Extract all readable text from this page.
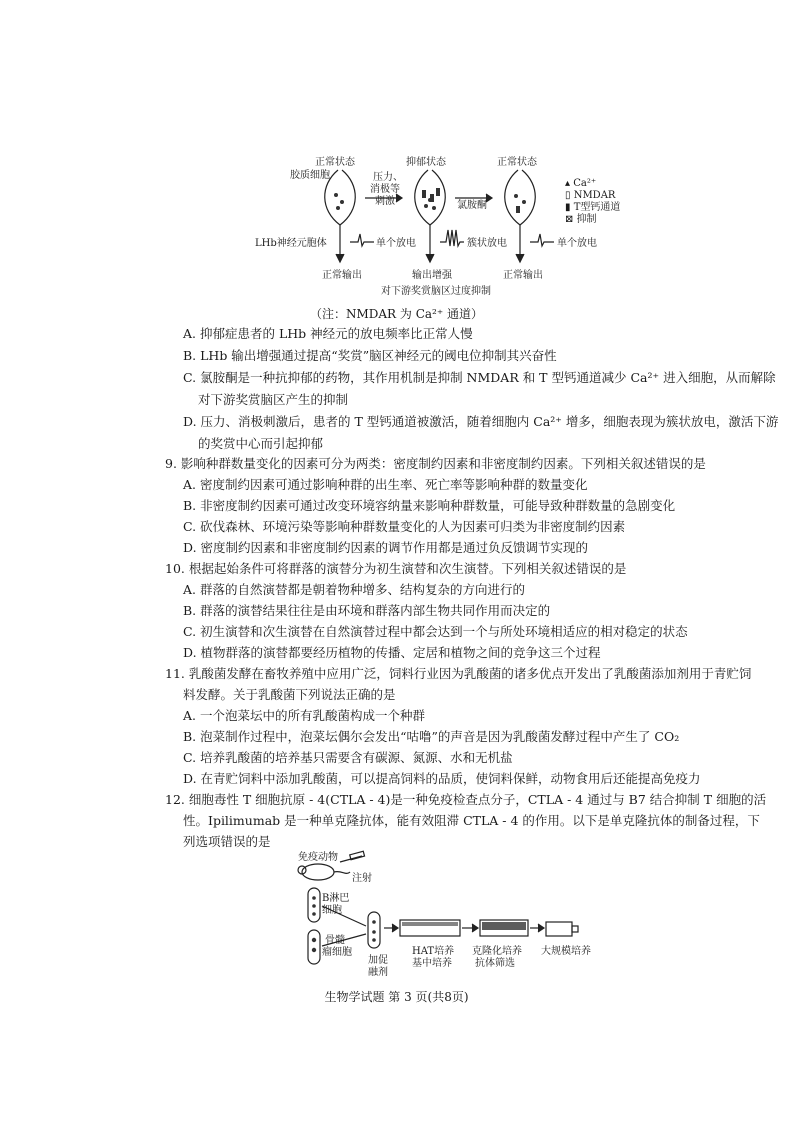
正常状态
胶质细胞	压力、
消极等
刺激
抑郁状态
氯胺酮
正常状态
▴ Ca²⁺
▯ NMDAR
▮ T型钙通道
⊠ 抑制
LHb神经元胞体	单个放电	簇状放电	单个放电
正常输出	输出增强	正常输出
对下游奖赏脑区过度抑制
（注：NMDAR 为 Ca²⁺ 通道）
A. 抑郁症患者的 LHb 神经元的放电频率比正常人慢
B. LHb 输出增强通过提高“奖赏”脑区神经元的阈电位抑制其兴奋性
C. 氯胺酮是一种抗抑郁的药物，其作用机制是抑制 NMDAR 和 T 型钙通道减少 Ca²⁺ 进入细胞，从而解除
对下游奖赏脑区产生的抑制
D. 压力、消极刺激后，患者的 T 型钙通道被激活，随着细胞内 Ca²⁺ 增多，细胞表现为簇状放电，激活下游
的奖赏中心而引起抑郁
9. 影响种群数量变化的因素可分为两类：密度制约因素和非密度制约因素。下列相关叙述错误的是
A. 密度制约因素可通过影响种群的出生率、死亡率等影响种群的数量变化
B. 非密度制约因素可通过改变环境容纳量来影响种群数量，可能导致种群数量的急剧变化
C. 砍伐森林、环境污染等影响种群数量变化的人为因素可归类为非密度制约因素
D. 密度制约因素和非密度制约因素的调节作用都是通过负反馈调节实现的
10. 根据起始条件可将群落的演替分为初生演替和次生演替。下列相关叙述错误的是
A. 群落的自然演替都是朝着物种增多、结构复杂的方向进行的
B. 群落的演替结果往往是由环境和群落内部生物共同作用而决定的
C. 初生演替和次生演替在自然演替过程中都会达到一个与所处环境相适应的相对稳定的状态
D. 植物群落的演替都要经历植物的传播、定居和植物之间的竞争这三个过程
11. 乳酸菌发酵在畜牧养殖中应用广泛，饲料行业因为乳酸菌的诸多优点开发出了乳酸菌添加剂用于青贮饲
料发酵。关于乳酸菌下列说法正确的是
A. 一个泡菜坛中的所有乳酸菌构成一个种群
B. 泡菜制作过程中，泡菜坛偶尔会发出“咕噜”的声音是因为乳酸菌发酵过程中产生了 CO₂
C. 培养乳酸菌的培养基只需要含有碳源、氮源、水和无机盐
D. 在青贮饲料中添加乳酸菌，可以提高饲料的品质，使饲料保鲜，动物食用后还能提高免疫力
12. 细胞毒性 T 细胞抗原 - 4(CTLA - 4)是一种免疫检查点分子，CTLA - 4 通过与 B7 结合抑制 T 细胞的活
性。Ipilimumab 是一种单克隆抗体，能有效阻滞 CTLA - 4 的作用。以下是单克隆抗体的制备过程，下
列选项错误的是
免疫动物
注射
B淋巴
细胞
骨髓
瘤细胞
加促
融剂
HAT培养
基中培养
克隆化培养
抗体筛选
大规模培养
生物学试题 第 3 页(共8页)
